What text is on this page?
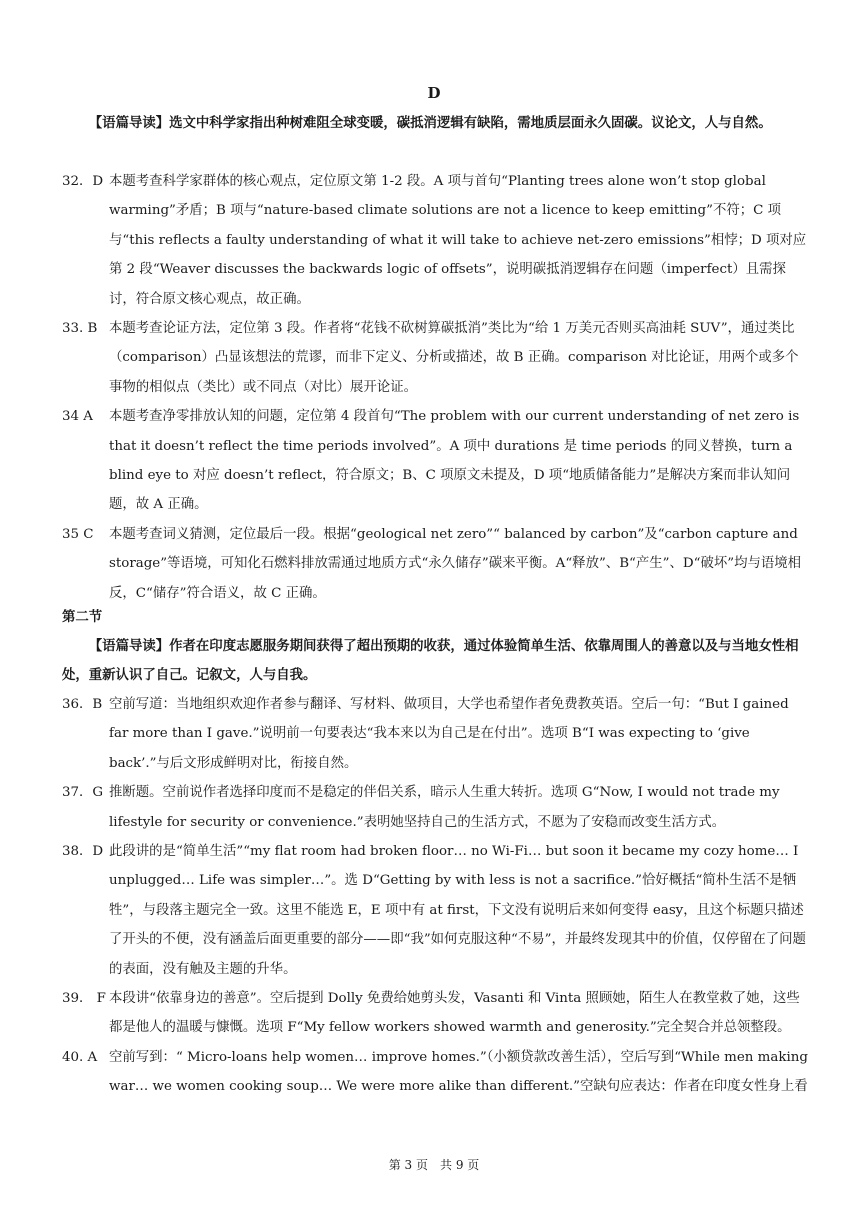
D
【语篇导读】选文中科学家指出种树难阻全球变暖，碳抵消逻辑有缺陷，需地质层面永久固碳。议论文，人与自然。
32．D 本题考查科学家群体的核心观点，定位原文第 1-2 段。A 项与首句“Planting trees alone won’t stop global warming”矛盾；B 项与“nature-based climate solutions are not a licence to keep emitting”不符；C 项与“this reflects a faulty understanding of what it will take to achieve net-zero emissions”相悖；D 项对应第 2 段“Weaver discusses the backwards logic of offsets”，说明碳抵消逻辑存在问题（imperfect）且需探讨，符合原文核心观点，故正确。
33. B 本题考查论证方法，定位第 3 段。作者将“花钱不砍树算碳抵消”类比为“给 1 万美元否则买高油耗 SUV”，通过类比（comparison）凸显该想法的荒谬，而非下定义、分析或描述，故 B 正确。comparison 对比论证，用两个或多个事物的相似点（类比）或不同点（对比）展开论证。
34 A 本题考查净零排放认知的问题，定位第 4 段首句“The problem with our current understanding of net zero is that it doesn’t reflect the time periods involved”。A 项中 durations 是 time periods 的同义替换，turn a blind eye to 对应 doesn’t reflect，符合原文；B、C 项原文未提及，D 项“地质储备能力”是解决方案而非认知问题，故 A 正确。
35 C 本题考查词义猜测，定位最后一段。根据“geological net zero”“ balanced by carbon”及“carbon capture and storage”等语境，可知化石燃料排放需通过地质方式“永久储存”碳来平衡。A“释放”、B“产生”、D“破坏”均与语境相反，C“储存”符合语义，故 C 正确。
第二节
【语篇导读】作者在印度志愿服务期间获得了超出预期的收获，通过体验简单生活、依靠周围人的善意以及与当地女性相处，重新认识了自己。记叙文，人与自我。
36．B 空前写道：当地组织欢迎作者参与翻译、写材料、做项目，大学也希望作者免费教英语。空后一句：“But I gained far more than I gave.”说明前一句要表达“我本来以为自己是在付出”。选项 B“I was expecting to ‘give back’.”与后文形成鲜明对比，衔接自然。
37．G 推断题。空前说作者选择印度而不是稳定的伴侣关系，暗示人生重大转折。选项 G“Now, I would not trade my lifestyle for security or convenience.”表明她坚持自己的生活方式，不愿为了安稳而改变生活方式。
38．D 此段讲的是“简单生活”“my flat room had broken floor… no Wi-Fi… but soon it became my cozy home… I unplugged… Life was simpler…”。选 D“Getting by with less is not a sacrifice.”恰好概括“简朴生活不是牺牲”，与段落主题完全一致。这里不能选 E，E 项中有 at first，下文没有说明后来如何变得 easy，且这个标题只描述了开头的不便，没有涵盖后面更重要的部分——即“我”如何克服这种“不易”，并最终发现其中的价值，仅停留在了问题的表面，没有触及主题的升华。
39． F 本段讲“依靠身边的善意”。空后提到 Dolly 免费给她剪头发，Vasanti 和 Vinta 照顾她，陌生人在教堂救了她，这些都是他人的温暖与慷慨。选项 F“My fellow workers showed warmth and generosity.”完全契合并总领整段。
40. A 空前写到：“ Micro-loans help women… improve homes.”（小额贷款改善生活），空后写到“While men making war… we women cooking soup… We were more alike than different.”空缺句应表达：作者在印度女性身上看
第 3 页 共 9 页
